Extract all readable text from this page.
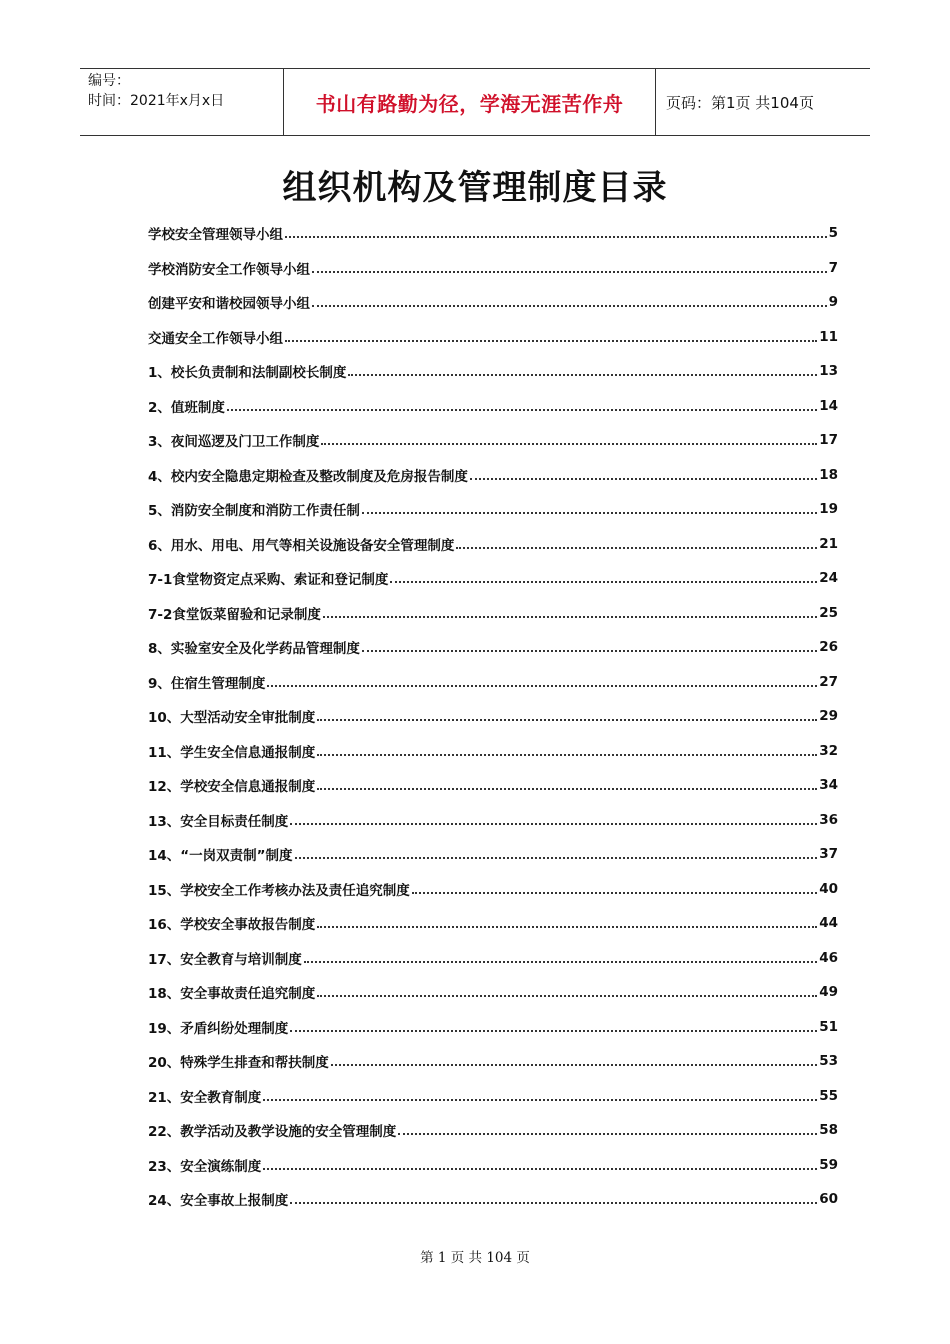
编号：
时间：2021年x月x日	书山有路勤为径，学海无涯苦作舟	页码：第1页 共104页
组织机构及管理制度目录
学校安全管理领导小组	5
学校消防安全工作领导小组	7
创建平安和谐校园领导小组	9
交通安全工作领导小组	11
1、校长负责制和法制副校长制度	13
2、值班制度	14
3、夜间巡逻及门卫工作制度	17
4、校内安全隐患定期检查及整改制度及危房报告制度	18
5、消防安全制度和消防工作责任制	19
6、用水、用电、用气等相关设施设备安全管理制度	21
7-1食堂物资定点采购、索证和登记制度	24
7-2食堂饭菜留验和记录制度	25
8、实验室安全及化学药品管理制度	26
9、住宿生管理制度	27
10、大型活动安全审批制度	29
11、学生安全信息通报制度	32
12、学校安全信息通报制度	34
13、安全目标责任制度	36
14、“一岗双责制”制度	37
15、学校安全工作考核办法及责任追究制度	40
16、学校安全事故报告制度	44
17、安全教育与培训制度	46
18、安全事故责任追究制度	49
19、矛盾纠纷处理制度	51
20、特殊学生排查和帮扶制度	53
21、安全教育制度	55
22、教学活动及教学设施的安全管理制度	58
23、安全演练制度	59
24、安全事故上报制度	60
第 1 页 共 104 页
